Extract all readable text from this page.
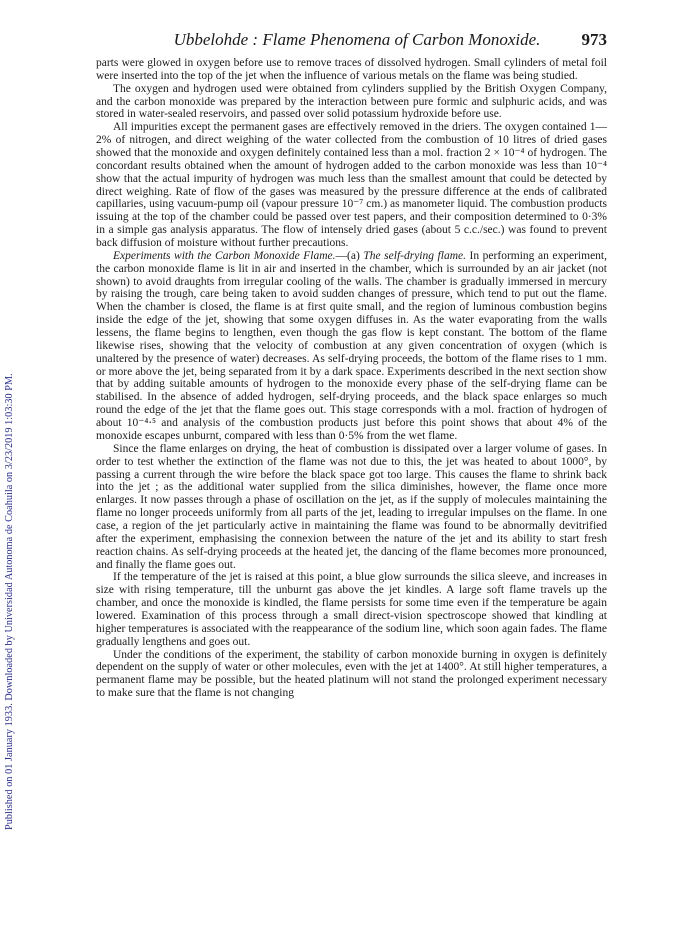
Published on 01 January 1933. Downloaded by Universidad Autonoma de Coahuila on 3/23/2019 1:03:30 PM.
Ubbelohde : Flame Phenomena of Carbon Monoxide.	973

parts were glowed in oxygen before use to remove traces of dissolved hydrogen. Small cylinders of metal foil were inserted into the top of the jet when the influence of various metals on the flame was being studied.

The oxygen and hydrogen used were obtained from cylinders supplied by the British Oxygen Company, and the carbon monoxide was prepared by the interaction between pure formic and sulphuric acids, and was stored in water-sealed reservoirs, and passed over solid potassium hydroxide before use.

All impurities except the permanent gases are effectively removed in the driers. The oxygen contained 1—2% of nitrogen, and direct weighing of the water collected from the combustion of 10 litres of dried gases showed that the monoxide and oxygen definitely contained less than a mol. fraction 2 × 10⁻⁴ of hydrogen. The concordant results obtained when the amount of hydrogen added to the carbon monoxide was less than 10⁻⁴ show that the actual impurity of hydrogen was much less than the smallest amount that could be detected by direct weighing. Rate of flow of the gases was measured by the pressure difference at the ends of calibrated capillaries, using vacuum-pump oil (vapour pressure 10⁻⁷ cm.) as manometer liquid. The combustion products issuing at the top of the chamber could be passed over test papers, and their composition determined to 0·3% in a simple gas analysis apparatus. The flow of intensely dried gases (about 5 c.c./sec.) was found to prevent back diffusion of moisture without further precautions.

Experiments with the Carbon Monoxide Flame.—(a) The self-drying flame. In performing an experiment, the carbon monoxide flame is lit in air and inserted in the chamber, which is surrounded by an air jacket (not shown) to avoid draughts from irregular cooling of the walls. The chamber is gradually immersed in mercury by raising the trough, care being taken to avoid sudden changes of pressure, which tend to put out the flame. When the chamber is closed, the flame is at first quite small, and the region of luminous combustion begins inside the edge of the jet, showing that some oxygen diffuses in. As the water evaporating from the walls lessens, the flame begins to lengthen, even though the gas flow is kept constant. The bottom of the flame likewise rises, showing that the velocity of combustion at any given concentration of oxygen (which is unaltered by the presence of water) decreases. As self-drying proceeds, the bottom of the flame rises to 1 mm. or more above the jet, being separated from it by a dark space. Experiments described in the next section show that by adding suitable amounts of hydrogen to the monoxide every phase of the self-drying flame can be stabilised. In the absence of added hydrogen, self-drying proceeds, and the black space enlarges so much round the edge of the jet that the flame goes out. This stage corresponds with a mol. fraction of hydrogen of about 10⁻⁴⋅⁵ and analysis of the combustion products just before this point shows that about 4% of the monoxide escapes unburnt, compared with less than 0·5% from the wet flame.

Since the flame enlarges on drying, the heat of combustion is dissipated over a larger volume of gases. In order to test whether the extinction of the flame was not due to this, the jet was heated to about 1000°, by passing a current through the wire before the black space got too large. This causes the flame to shrink back into the jet ; as the additional water supplied from the silica diminishes, however, the flame once more enlarges. It now passes through a phase of oscillation on the jet, as if the supply of molecules maintaining the flame no longer proceeds uniformly from all parts of the jet, leading to irregular impulses on the flame. In one case, a region of the jet particularly active in maintaining the flame was found to be abnormally devitrified after the experiment, emphasising the connexion between the nature of the jet and its ability to start fresh reaction chains. As self-drying proceeds at the heated jet, the dancing of the flame becomes more pronounced, and finally the flame goes out.

If the temperature of the jet is raised at this point, a blue glow surrounds the silica sleeve, and increases in size with rising temperature, till the unburnt gas above the jet kindles. A large soft flame travels up the chamber, and once the monoxide is kindled, the flame persists for some time even if the temperature be again lowered. Examination of this process through a small direct-vision spectroscope showed that kindling at higher temperatures is associated with the reappearance of the sodium line, which soon again fades. The flame gradually lengthens and goes out.

Under the conditions of the experiment, the stability of carbon monoxide burning in oxygen is definitely dependent on the supply of water or other molecules, even with the jet at 1400°. At still higher temperatures, a permanent flame may be possible, but the heated platinum will not stand the prolonged experiment necessary to make sure that the flame is not changing
